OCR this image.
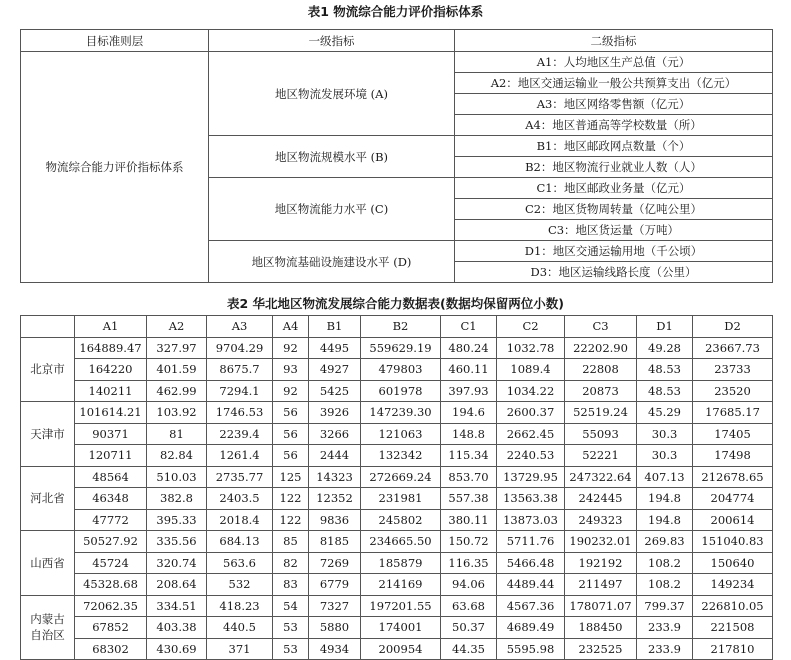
表1 物流综合能力评价指标体系
目标准则层	一级指标	二级指标
物流综合能力评价指标体系	地区物流发展环境 (A)	A1：人均地区生产总值（元）
		A2：地区交通运输业一般公共预算支出（亿元）
		A3：地区网络零售额（亿元）
		A4：地区普通高等学校数量（所）
	地区物流规模水平 (B)	B1：地区邮政网点数量（个）
		B2：地区物流行业就业人数（人）
	地区物流能力水平 (C)	C1：地区邮政业务量（亿元）
		C2：地区货物周转量（亿吨公里）
		C3：地区货运量（万吨）
	地区物流基础设施建设水平 (D)	D1：地区交通运输用地（千公顷）
		D3：地区运输线路长度（公里）
表2 华北地区物流发展综合能力数据表(数据均保留两位小数)
	A1	A2	A3	A4	B1	B2	C1	C2	C3	D1	D2
北京市	164889.47	327.97	9704.29	92	4495	559629.19	480.24	1032.78	22202.90	49.28	23667.73
	164220	401.59	8675.7	93	4927	479803	460.11	1089.4	22808	48.53	23733
	140211	462.99	7294.1	92	5425	601978	397.93	1034.22	20873	48.53	23520
天津市	101614.21	103.92	1746.53	56	3926	147239.30	194.6	2600.37	52519.24	45.29	17685.17
	90371	81	2239.4	56	3266	121063	148.8	2662.45	55093	30.3	17405
	120711	82.84	1261.4	56	2444	132342	115.34	2240.53	52221	30.3	17498
河北省	48564	510.03	2735.77	125	14323	272669.24	853.70	13729.95	247322.64	407.13	212678.65
	46348	382.8	2403.5	122	12352	231981	557.38	13563.38	242445	194.8	204774
	47772	395.33	2018.4	122	9836	245802	380.11	13873.03	249323	194.8	200614
山西省	50527.92	335.56	684.13	85	8185	234665.50	150.72	5711.76	190232.01	269.83	151040.83
	45724	320.74	563.6	82	7269	185879	116.35	5466.48	192192	108.2	150640
	45328.68	208.64	532	83	6779	214169	94.06	4489.44	211497	108.2	149234
内蒙古
自治区	72062.35	334.51	418.23	54	7327	197201.55	63.68	4567.36	178071.07	799.37	226810.05
	67852	403.38	440.5	53	5880	174001	50.37	4689.49	188450	233.9	221508
	68302	430.69	371	53	4934	200954	44.35	5595.98	232525	233.9	217810
